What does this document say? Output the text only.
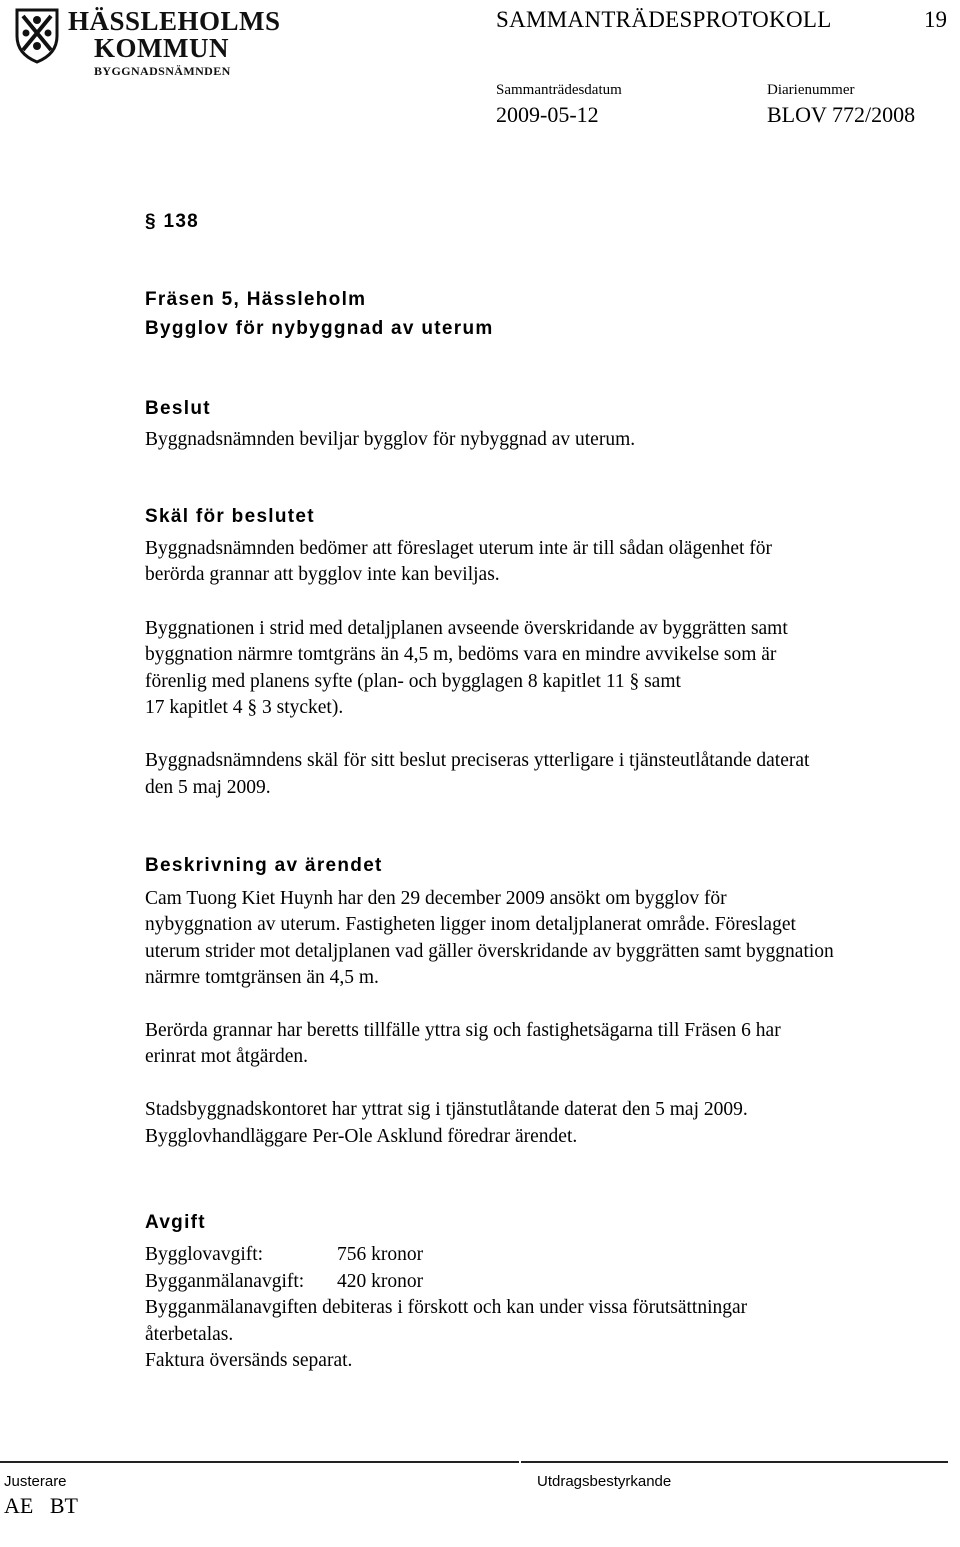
HÄSSLEHOLMS
KOMMUN
BYGGNADSNÄMNDEN
SAMMANTRÄDESPROTOKOLL	19
Sammanträdesdatum	Diarienummer
2009-05-12	BLOV 772/2008
§ 138
Fräsen 5, Hässleholm
Bygglov för nybyggnad av uterum
Beslut
Byggnadsnämnden beviljar bygglov för nybyggnad av uterum.
Skäl för beslutet
Byggnadsnämnden bedömer att föreslaget uterum inte är till sådan olägenhet för
berörda grannar att bygglov inte kan beviljas.
Byggnationen i strid med detaljplanen avseende överskridande av byggrätten samt
byggnation närmre tomtgräns än 4,5 m, bedöms vara en mindre avvikelse som är
förenlig med planens syfte (plan- och bygglagen 8 kapitlet 11 § samt
17 kapitlet 4 § 3 stycket).
Byggnadsnämndens skäl för sitt beslut preciseras ytterligare i tjänsteutlåtande daterat
den 5 maj 2009.
Beskrivning av ärendet
Cam Tuong Kiet Huynh har den 29 december 2009 ansökt om bygglov för
nybyggnation av uterum. Fastigheten ligger inom detaljplanerat område. Föreslaget
uterum strider mot detaljplanen vad gäller överskridande av byggrätten samt byggnation
närmre tomtgränsen än 4,5 m.
Berörda grannar har beretts tillfälle yttra sig och fastighetsägarna till Fräsen 6 har
erinrat mot åtgärden.
Stadsbyggnadskontoret har yttrat sig i tjänstutlåtande daterat den 5 maj 2009.
Bygglovhandläggare Per-Ole Asklund föredrar ärendet.
Avgift
Bygglovavgift:	756 kronor
Bygganmälanavgift: 420 kronor
Bygganmälanavgiften debiteras i förskott och kan under vissa förutsättningar
återbetalas.
Faktura översänds separat.
Justerare
AE   BT
Utdragsbestyrkande
